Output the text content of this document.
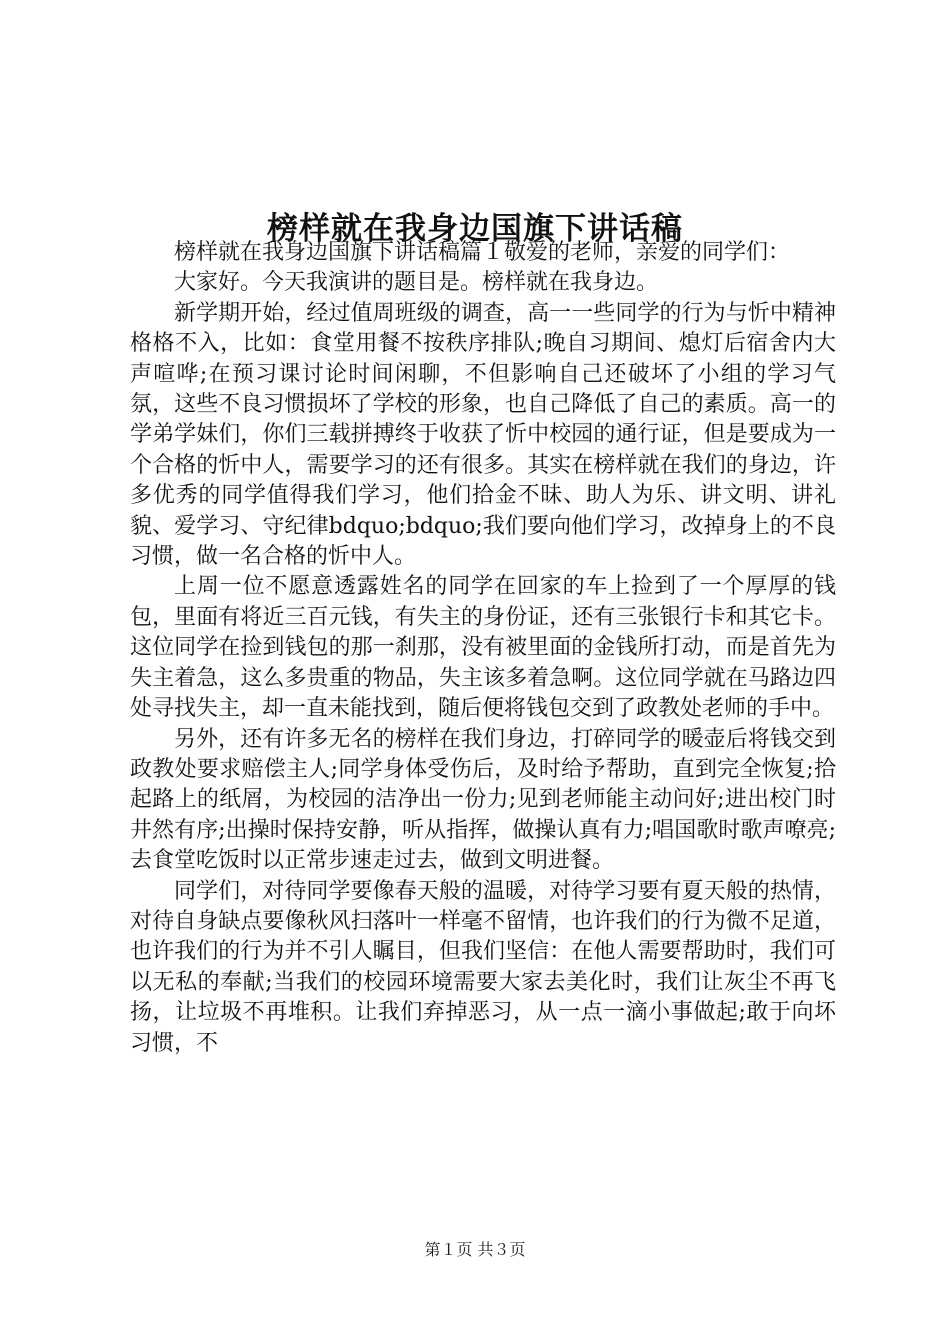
榜样就在我身边国旗下讲话稿

榜样就在我身边国旗下讲话稿篇１敬爱的老师，亲爱的同学们：

大家好。今天我演讲的题目是。榜样就在我身边。

新学期开始，经过值周班级的调查，高一一些同学的行为与忻中精神格格不入，比如：食堂用餐不按秩序排队;晚自习期间、熄灯后宿舍内大声喧哗;在预习课讨论时间闲聊，不但影响自己还破坏了小组的学习气氛，这些不良习惯损坏了学校的形象，也自己降低了自己的素质。高一的学弟学妹们，你们三载拼搏终于收获了忻中校园的通行证，但是要成为一个合格的忻中人，需要学习的还有很多。其实在榜样就在我们的身边，许多优秀的同学值得我们学习，他们拾金不昧、助人为乐、讲文明、讲礼貌、爱学习、守纪律bdquo;bdquo;我们要向他们学习，改掉身上的不良习惯，做一名合格的忻中人。

上周一位不愿意透露姓名的同学在回家的车上捡到了一个厚厚的钱包，里面有将近三百元钱，有失主的身份证，还有三张银行卡和其它卡。这位同学在捡到钱包的那一刹那，没有被里面的金钱所打动，而是首先为失主着急，这么多贵重的物品，失主该多着急啊。这位同学就在马路边四处寻找失主，却一直未能找到，随后便将钱包交到了政教处老师的手中。

另外，还有许多无名的榜样在我们身边，打碎同学的暖壶后将钱交到政教处要求赔偿主人;同学身体受伤后，及时给予帮助，直到完全恢复;拾起路上的纸屑，为校园的洁净出一份力;见到老师能主动问好;进出校门时井然有序;出操时保持安静，听从指挥，做操认真有力;唱国歌时歌声嘹亮;去食堂吃饭时以正常步速走过去，做到文明进餐。

同学们，对待同学要像春天般的温暖，对待学习要有夏天般的热情，对待自身缺点要像秋风扫落叶一样毫不留情，也许我们的行为微不足道，也许我们的行为并不引人瞩目，但我们坚信：在他人需要帮助时，我们可以无私的奉献;当我们的校园环境需要大家去美化时，我们让灰尘不再飞扬，让垃圾不再堆积。让我们弃掉恶习，从一点一滴小事做起;敢于向坏习惯，不

第１页 共３页
